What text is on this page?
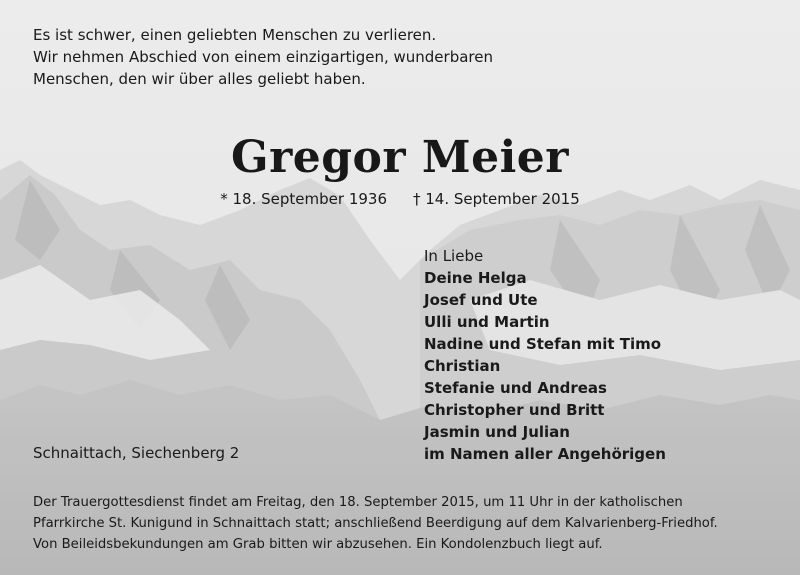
Es ist schwer, einen geliebten Menschen zu verlieren.
Wir nehmen Abschied von einem einzigartigen, wunderbaren
Menschen, den wir über alles geliebt haben.

Gregor Meier

* 18. September 1936 † 14. September 2015

In Liebe
Deine Helga
Josef und Ute
Ulli und Martin
Nadine und Stefan mit Timo
Christian
Stefanie und Andreas
Christopher und Britt
Jasmin und Julian
im Namen aller Angehörigen

Schnaittach, Siechenberg 2

Der Trauergottesdienst findet am Freitag, den 18. September 2015, um 11 Uhr in der katholischen
Pfarrkirche St. Kunigund in Schnaittach statt; anschließend Beerdigung auf dem Kalvarienberg-Friedhof.
Von Beileidsbekundungen am Grab bitten wir abzusehen. Ein Kondolenzbuch liegt auf.
